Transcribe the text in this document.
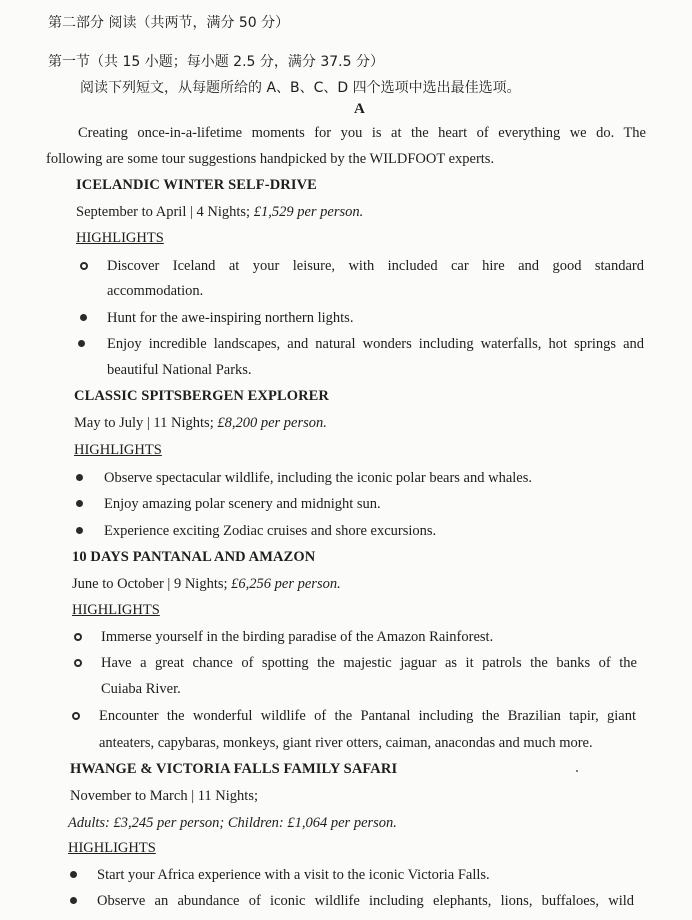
第二部分 阅读（共两节，满分 50 分）
第一节（共 15 小题；每小题 2.5 分，满分 37.5 分）
阅读下列短文，从每题所给的 A、B、C、D 四个选项中选出最佳选项。
A
Creating once-in-a-lifetime moments for you is at the heart of everything we do. The
following are some tour suggestions handpicked by the WILDFOOT experts.
ICELANDIC WINTER SELF-DRIVE
September to April | 4 Nights; £1,529 per person.
HIGHLIGHTS
Discover Iceland at your leisure, with included car hire and good standard
accommodation.
Hunt for the awe-inspiring northern lights.
Enjoy incredible landscapes, and natural wonders including waterfalls, hot springs and
beautiful National Parks.
CLASSIC SPITSBERGEN EXPLORER
May to July | 11 Nights; £8,200 per person.
HIGHLIGHTS
Observe spectacular wildlife, including the iconic polar bears and whales.
Enjoy amazing polar scenery and midnight sun.
Experience exciting Zodiac cruises and shore excursions.
10 DAYS PANTANAL AND AMAZON
June to October | 9 Nights; £6,256 per person.
HIGHLIGHTS
Immerse yourself in the birding paradise of the Amazon Rainforest.
Have a great chance of spotting the majestic jaguar as it patrols the banks of the
Cuiaba River.
Encounter the wonderful wildlife of the Pantanal including the Brazilian tapir, giant
anteaters, capybaras, monkeys, giant river otters, caiman, anacondas and much more.
HWANGE & VICTORIA FALLS FAMILY SAFARI
November to March | 11 Nights;
Adults: £3,245 per person; Children: £1,064 per person.
HIGHLIGHTS
Start your Africa experience with a visit to the iconic Victoria Falls.
Observe an abundance of iconic wildlife including elephants, lions, buffaloes, wild
